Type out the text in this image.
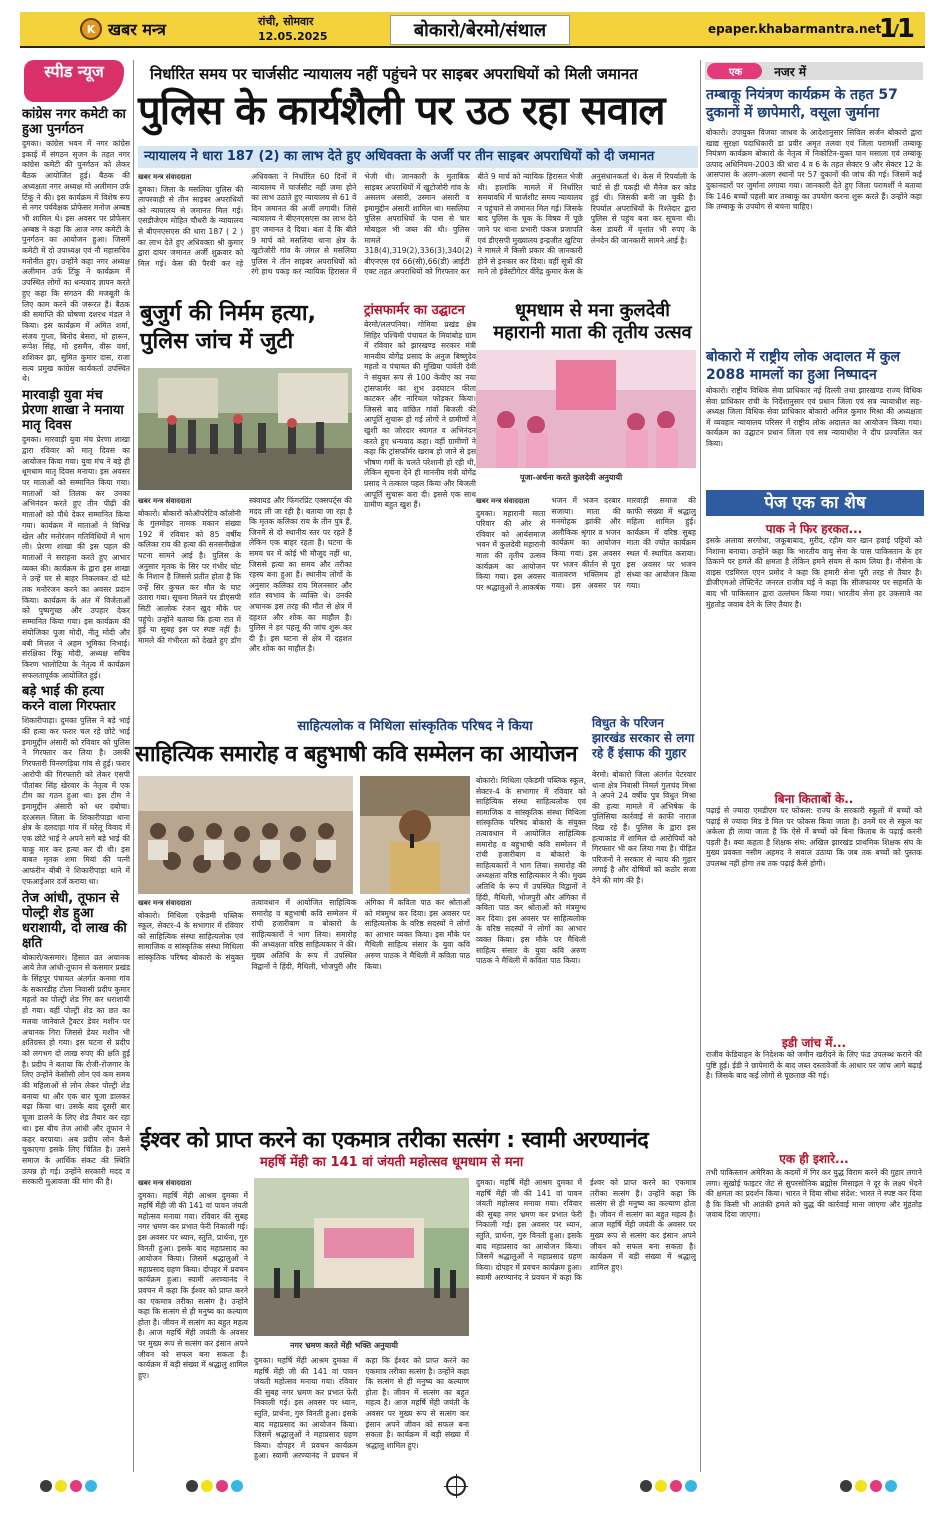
K खबर मन्त्र	रांची, सोमवार
12.05.2025	बोकारो/बेरमो/संथाल	epaper.khabarmantra.net
11
स्पीड न्यूज
कांग्रेस नगर कमेटी का हुआ पुनर्गठन

दुमका। कांग्रेस भवन में नगर कांग्रेस इकाई में संगठन सृजन के तहत नगर कांग्रेस कमेटी की पुनर्गठन को लेकर बैठक आयोजित हुई। बैठक की अध्यक्षता नगर अध्यक्ष मो अलीमान उर्फ टिंकू ने की। इस कार्यक्रम में विशेष रूप से नगर पर्यवेक्षक प्रोफेसर मनोज अम्बष्ठ भी शामिल थे। इस अवसर पर प्रोफेसर अम्बष्ठ ने कहा कि आज नगर कमेटी के पुनर्गठन का आयोजन हुआ। जिसमें कमेटी में दो उपाध्यक्ष एवं नौ महासचिव मनोनीत हुए। उन्होंने कहा नगर अध्यक्ष अलीमान उर्फ टिंकू ने कार्यक्रम में उपस्थित लोगों का धन्यवाद ज्ञापन करते हुए कहा कि संगठन की मजबूती के लिए काम करने की जरूरत है। बैठक की समाप्ति की घोषणा दशरथ मंडल ने किया। इस कार्यक्रम में अमित शर्मा, संजय गुप्ता, बिनोद बेसरा, मो हारून, रूपेश सिंह, मो हसमैन, वीरू वर्मा, शशिकर झा, सुमित कुमार दास, राजा सत्य प्रमुख कांग्रेस कार्यकर्ता उपस्थित थे।

मारवाड़ी युवा मंच प्रेरणा शाखा ने मनाया मातृ दिवस

दुमका। मारवाड़ी युवा मंच प्रेरणा शाखा द्वारा रविवार को मातृ दिवस का आयोजन किया गया। युवा मंच ने बड़े ही धूमधाम मातृ दिवस मनाया। इस अवसर पर माताओं को सम्मानित किया गया। माताओं को तिलक कर उनका अभिनंदन करते हुए तीन पीढ़ी की माताओं को पौधे देकर सम्मानित किया गया। कार्यक्रम में माताओं ने विभिन्न खेल और मनोरंजन गतिविधियों में भाग ली। प्रेरणा शाखा की इस पहल की माताओं ने सराहना करते हुए आभार व्यक्त की। कार्यक्रम के द्वारा इस शाखा ने उन्हें घर से बाहर निकलकर दो घंटे तक मनोरंजन करने का अवसर प्रदान किया। कार्यक्रम के अंत में विजेताओं को पुष्पगुच्छ और उपहार देकर सम्मानित किया गया। इस कार्यक्रम की संयोजिका पूजा मोदी, नीतू मोदी और बबी मित्तल ने अहम भूमिका निभाई। संरक्षिका रिंकू मोदी, अध्यक्ष सचिव किरण भालोटिया के नेतृत्व में कार्यक्रम सफलतापूर्वक आयोजित हुई।

बड़े भाई की हत्या करने वाला गिरफ्तार

शिकारीपाड़ा। दुमका पुलिस ने बड़े भाई की हत्या कर फरार चल रहे छोटे भाई इमामुद्दीन अंसारी को रविवार को पुलिस ने गिरफ्तार कर लिया है। उसकी गिरफ्तारी पिनरगड़िया गांव से हुई। फरार आरोपी की गिरफ्तारी को लेकर एसपी पीतांबर सिंह खेरवार के नेतृत्व में एक टीम का गठन हुआ था। इस टीम ने इमामुद्दीन अंसारी को धर दबोचा। दरअसल जिला के शिकारीपाड़ा थाना क्षेत्र के दलदाहा गांव में घरेलू विवाद में एक छोटे भाई ने अपने सगे बड़े भाई की चाकू मार कर हत्या कर दी थी। इस बाबत मृतक शमा मियां की पत्नी आफरीन बीबी ने शिकारीपाड़ा थाने में एफआईआर दर्ज कराया था।

तेज आंधी, तूफान से पोल्ट्री शेड हुआ धराशायी, दो लाख की क्षति

बोकारो/कसमार। हिसात व्रत अचानक आये तेज आंधी-तूफान से कसमार प्रखंड के सिंहपुर पंचायत अंतर्गत कनमा गांव के सकारडीह टोला निवासी प्रदीप कुमार महतो का पोल्ट्री शेड गिर कर धराशायी हो गया। वहीं पोल्ट्री शेड का छत का मलवा जानेवाले ट्रैक्टर डेयर मशीन पर अचानक गिरा जिससे डेयर मशीन भी क्षतिग्रस्त हो गया। इस घटना से प्रदीप को लगभग दो लाख रुपए की क्षति हुई है। प्रदीप ने बताया कि रोजी-रोजगार के लिए उन्होंने केसीसी लोन एवं कम समय की महिलाओं से लोन लेकर पोल्ट्री शेड बनाया था और एक बार चूजा डालकर बढ़ा किया था। उसके बाद दूसरी बार चूजा डालने के लिए शेड तैयार कर रहा था। इस बीच तेज आंधी और तूफान ने कहर बरपाया। अब प्रदीप लोन कैसे चुकाएगा इसके लिए चिंतित है। उसने समाज के आर्थिक संकट की स्थिति उत्पन्न हो गई। उन्होंने सरकारी मदद व सरकारी मुआवजा की मांग की है।

निर्धारित समय पर चार्जसीट न्यायालय नहीं पहुंचने पर साइबर अपराधियों को मिली जमानत
पुलिस के कार्यशैली पर उठ रहा सवाल
न्यायालय ने धारा 187 (2) का लाभ देते हुए अधिवक्ता के अर्जी पर तीन साइबर अपराधियों को दी जमानत
खबर मन्त्र संवाददाता
दुमका। जिला के मसलिया पुलिस की लापरवाही से तीन साइबर अपराधियों को न्यायालय से जमानत मिल गई। एसडीजेएम मोहित चौधरी के न्यायालय से बीएनएसएस की धारा 187 ( 2 ) का लाभ देते हुए अधिवक्ता श्री कुमार द्वारा दायर जमानत अर्जी शुक्रवार को मिल गई। केस की पैरवी कर रहे अधिवक्ता ने निर्धारित 60 दिनों में न्यायालय में चार्जसीट नहीं जमा होने का लाभ उठाते हुए न्यायालय से 61 वें दिन जमानत की अर्जी लगायी। जिसे न्यायालय ने बीएनएसएस का लाभ देते हुए जमानत दे दिया। बता दें कि बीते 9 मार्च को मसलिया थाना क्षेत्र के खुटोजोरी गांव के जंगल से मसलिया पुलिस ने तीन साइबर अपराधियों को रंगे हाथ पकड़ कर न्यायिक हिरासत में भेजी थी। जानकारी के मुताबिक साइबर अपराधियों में खुटोजोरी गांव के असलम अंसारी, उस्मान अंसारी व इमामुद्दीन अंसारी शामिल था। मसलिया पुलिस अपराधियों के पास से चार मोबाइल भी जब्त की थी। पुलिस मामले में 318(4),319(2),336(3),340(2) बीएनएस एवं 66(सी),66(डी) आईटी एक्ट तहत अपराधियों को गिरफ्तार कर बीते 9 मार्च को न्यायिक हिरासत भेजी थी। हालांकि मामले में निर्धारित समयावधि में चार्जशीट समय न्यायालय न पहुंचाने से जमानत मिल गई। जिसके बाद पुलिस के चूक के विषय में पूछे जाने पर थाना प्रभारी पंकज प्रजापति एवं डीएसपी मुख्यालय इन्द्रजीत खुटिया ने मामले में किसी प्रकार की जानकारी होने से इनकार कर दिया। वहीं सूत्रों की माने तो इंवेस्टीगेटर वीरेंद्र कुमार केस के अनुसंधानकर्ता थे। केस में रिपर्याली के चार्ट से ही पकड़ी थी मैनेज कर कोड हुई थी। जिसकी बनी जा चुकी है। रिपर्याल अपराधियों के रिश्तेदार द्वारा पुलिस से पहुंच बना कर सूचना थी। केस डायरी में वृत्तांत भी रुपए के लेनदेन की जानकारी सामने आई है।
बुजुर्ग की निर्मम हत्या, पुलिस जांच में जुटी
खबर मन्त्र संवाददाता
बोकारो। बोकारो कोऑपरेटिव कॉलोनी के गुलमोहर नामक मकान संख्या 192 में रविवार को 85 वर्षीय कलिका राय की हत्या की सनसनीखेज घटना सामने आई है। पुलिस के अनुसार मृतक के सिर पर गंभीर चोट के निशान है जिससे प्रतीत होता है कि उन्हें सिर कुचल कर मौत के घाट उतारा गया। सूचना मिलने पर डीएसपी सिटी आलोक रंजन खुद मौके पर पहुंचे। उन्होंने बताया कि हत्या रात में हुई या सुबह इस पर स्पष्ट नहीं है। मामले की गंभीरता को देखते हुए डॉग स्क्वायड और फिंगरप्रिंट एक्सपर्ट्स की मदद ली जा रही है। बताया जा रहा है कि मृतक कलिका राय के तीन पुत्र हैं, जिनमें से दो स्थानीय स्तर पर रहते हैं लेकिन एक बाहर रहता है। घटना के समय घर में कोई भी मौजूद नहीं था, जिससे हत्या का समय और तरीका रहस्य बना हुआ है। स्थानीय लोगों के अनुसार कलिका राय मिलनसार और शांत स्वभाव के व्यक्ति थे। उनकी अचानक इस तरह की मौत से क्षेत्र में दहशत और शोक का माहौल है। पुलिस ने हर पहलू की जांच शुरू कर दी है। इस घटना से क्षेत्र में दहशत और शोक का माहौल है।
ट्रांसफार्मर का उद्घाटन
बेरमो/ललपनिया। गोमिया प्रखंड क्षेत्र सिहिर पश्चिमी पंचायत के मियांबोड़ ग्राम में रविवार को झारखण्ड सरकार मंत्री मानवीय योगेंद्र प्रसाद के अनुज बिष्णुदेव महतो व पंचायत की मुखिया पार्वती देवी ने संयुक्त रूप से 100 केवीए का नया ट्रांसफार्मर का शुभ उदघाटन फीता काटकर और नारियल फोड़कर किया। जिससे बाद वांछित गांवों बिजली की आपूर्ति सुचारू हो गई लोगों ने ग्रामीणों ने खुशी का जोरदार स्वागत व अभिनंदन करते हुए धन्यवाद कहा। वहीं ग्रामीणों ने कहा कि ट्रांसफॉर्मर खराब हो जाने से इस भीषण गर्मी के चलते परेशानी हो रही थी, लेकिन सूचना देने ही माननीय मंत्री योगेंद्र प्रसाद ने तत्काल पहल किया और बिजली आपूर्ति सुचारू करा दी। इससे एक साथ ग्रामीण बहुत खुश हैं।
धूमधाम से मना कुलदेवी महारानी माता की तृतीय उत्सव
पूजा-अर्चना करते कुलदेवी अनुयायी
खबर मन्त्र संवाददाता
दुमका। महारानी माता परिवार की ओर से रविवार को आर्यसमाज भवन में कुलदेवी महारानी माता की तृतीय उत्सव कार्यक्रम का आयोजन किया गया। इस अवसर पर श्रद्धालुओं ने आकर्षक भजन में भजन दरबार सजाया। माता की मनमोहक झांकी और अलौकिक श्रृंगार व भजन कार्यक्रम का आयोजन किया गया। इस अवसर पर भजन कीर्तन से पूरा वातावरण भक्तिमय हो गया। इस अवसर पर मारवाड़ी समाज की काफी संख्या में श्रद्धालु महिला शामिल हुई। कार्यक्रम में वरिष्ठ सुबह माता की ज्योत कार्यक्रम स्थल में स्थापित कराया। इस अवसर पर भजन संध्या का आयोजन किया गया।
एक	नजर में
तम्बाकू नियंत्रण कार्यक्रम के तहत 57 दुकानों में छापेमारी, वसूला जुर्माना
बोकारो। उपायुक्त विजया जाधव के आदेशानुसार सिविल सर्जन बोकारो द्वारा खाद्य सुरक्षा पदाधिकारी डा प्रवीर अमृत तलवा एवं जिला परामर्शी तम्बाकू नियंत्रण कार्यक्रम बोकारो के नेतृत्व में निकोटिन-युक्त पान मसाला एवं तम्बाकू उत्पाद अधिनियम-2003 की धारा 4 व 6 के तहत सेक्टर 9 और सेक्टर 12 के आसपास के अलग-अलग स्थानों पर 57 दुकानों की जांच की गई। जिसमें कई दुकानदारों पर जुर्माना लगाया गया। जानकारी देते हुए जिला परामर्शी ने बताया कि 146 बच्चों पहली बार तम्बाकू का उपयोग करना शुरू करते हैं। उन्होंने कहा कि तम्बाकू के उपयोग से बचना चाहिए।
बोकारो में राष्ट्रीय लोक अदालत में कुल 2088 मामलों का हुआ निष्पादन
बोकारो। राष्ट्रीय विधिक सेवा प्राधिकार नई दिल्ली तथा झारखण्ड राज्य विधिक सेवा प्राधिकार रांची के निर्देशानुसार एवं प्रधान जिला एवं सत्र न्यायाधीश सह-अध्यक्ष जिला विधिक सेवा प्राधिकार बोकारो अनिल कुमार मिश्रा की अध्यक्षता में व्यवहार न्यायालय परिसर में राष्ट्रीय लोक अदालत का आयोजन किया गया। कार्यक्रम का उद्घाटन प्रधान जिला एवं सत्र न्यायाधीश ने दीप प्रज्वलित कर किया।
पेज एक का शेष
पाक ने फिर हरकत...
इसके अलावा सरगोधा, जकूबाबाद, मुरीद, रहीम यार खान हवाई पट्टियों को निशाना बनाया। उन्होंने कहा कि भारतीय वायु सेना के पास पाकिस्तान के हर ठिकाने पर हमले की क्षमता है लेकिन हमने संयम से काम लिया है। नौसेना के वाइस एडमिरल एएन प्रमोद ने कहा कि हमारी सेना पूरी तरह से तैयार है। डीजीएमओ लेफ्टिनेंट जनरल राजीव घई ने कहा कि सीजफायर पर सहमति के बाद भी पाकिस्तान द्वारा उल्लंघन किया गया। भारतीय सेना हर उकसावे का मुंहतोड़ जवाब देने के लिए तैयार है।
बिना किताबों के..
पढ़ाई से ज्यादा एमडीएम पर फोकस: राज्य के सरकारी स्कूलों में बच्चों को पढ़ाई से ज्यादा मिड डे मिल पर फोकस किया जाता है। उनमें घर से स्कूल का अकेला ही लाया जाता है कि ऐसे में बच्चों को बिना किताब के पढ़ाई करनी पड़ती है। क्या कहता है शिक्षक संघ: अखिल झारखंड प्राथमिक शिक्षक संघ के मुख्य प्रवक्ता नसीम अहमद ने सवाल उठाया कि जब तक बच्चों को पुस्तक उपलब्ध नहीं होगा तब तक पढ़ाई कैसे होगी।
इडी जांच में...
राजीव केडियाहन के निदेशक को जमीन खरीदने के लिए फंड उपलब्ध कराने की पुष्टि हुई। ईडी ने छापेमारी के बाद जब्त दस्तावेजों के आधार पर जांच आगे बढ़ाई है। जिसके बाद कई लोगों से पूछताछ की गई।
एक ही इशारे...
तभी पाकिस्तान अमेरिका के कदमों में गिर कर युद्ध विराम करने की गुहार लगाने लगा। सूखोई फाइटर जेट से सुपरसोनिक ब्रह्मोस मिसाइल ने दूर के लक्ष्य भेदने की क्षमता का प्रदर्शन किया। भारत ने दिया सीधा संदेश: भारत ने स्पष्ट कर दिया है कि किसी भी आतंकी हमले को युद्ध की कार्रवाई माना जाएगा और मुंहतोड़ जवाब दिया जाएगा।
साहित्यलोक व मिथिला सांस्कृतिक परिषद ने किया
साहित्यिक समारोह व बहुभाषी कवि सम्मेलन का आयोजन
खबर मन्त्र संवाददाता
बोकारो। मिथिला एकेडमी पब्लिक स्कूल, सेक्टर-4 के सभागार में रविवार को साहित्यिक संस्था साहित्यलोक एवं सामाजिक व सांस्कृतिक संस्था मिथिला सांस्कृतिक परिषद बोकारो के संयुक्त तत्वावधान में आयोजित साहित्यिक समारोह व बहुभाषी कवि सम्मेलन में रांची हजारीबाग व बोकारो के साहित्यकारों ने भाग लिया। समारोह की अध्यक्षता वरिष्ठ साहित्यकार ने की। मुख्य अतिथि के रूप में उपस्थित विद्वानों ने हिंदी, मैथिली, भोजपुरी और अंगिका में कविता पाठ कर श्रोताओं को मंत्रमुग्ध कर दिया। इस अवसर पर साहित्यलोक के वरिष्ठ सदस्यों ने लोगों का आभार व्यक्त किया। इस मौके पर मैथिली साहित्य संसार के युवा कवि अरुण पाठक ने मैथिली में कविता पाठ किया।
बोकारो। मिथिला एकेडमी पब्लिक स्कूल, सेक्टर-4 के सभागार में रविवार को साहित्यिक संस्था साहित्यलोक एवं सामाजिक व सांस्कृतिक संस्था मिथिला सांस्कृतिक परिषद बोकारो के संयुक्त तत्वावधान में आयोजित साहित्यिक समारोह व बहुभाषी कवि सम्मेलन में रांची हजारीबाग व बोकारो के साहित्यकारों ने भाग लिया। समारोह की अध्यक्षता वरिष्ठ साहित्यकार ने की। मुख्य अतिथि के रूप में उपस्थित विद्वानों ने हिंदी, मैथिली, भोजपुरी और अंगिका में कविता पाठ कर श्रोताओं को मंत्रमुग्ध कर दिया। इस अवसर पर साहित्यलोक के वरिष्ठ सदस्यों ने लोगों का आभार व्यक्त किया। इस मौके पर मैथिली साहित्य संसार के युवा कवि अरुण पाठक ने मैथिली में कविता पाठ किया।
विधुत के परिजन झारखंड सरकार से लगा रहे हैं इंसाफ की गुहार
बेरमो। बोकारो जिला अंतर्गत पेटरवार थाना क्षेत्र निवासी निमर्ल गुलचंद मिश्रा ने अपने 24 वर्षीय पुत्र विधुत मिश्रा की हत्या मामले में अभिषेक के पुलिसिया कार्रवाई से काफी नाराज दिख रहे हैं। पुलिस के द्वारा इस हत्याकांड में शामिल दो आरोपियों को गिरफ्तार भी कर लिया गया है। पीड़ित परिजनों ने सरकार से न्याय की गुहार लगाई है और दोषियों को कठोर सजा देने की मांग की है।
ईश्वर को प्राप्त करने का एकमात्र तरीका सत्संग : स्वामी अरण्यानंद
महर्षि मेंही का 141 वां जंयती महोत्सव धूमधाम से मना
खबर मन्त्र संवाददाता
दुमका। महर्षि मेंही आश्रम दुमका में महर्षि मेंही जी की 141 वां पावन जंयती महोत्सव मनाया गया। रविवार की सुबह नगर भ्रमण कर प्रभात फेरी निकाली गई। इस अवसर पर ध्यान, स्तुति, प्रार्थना, गुरु विनती हुआ। इसके बाद महाप्रसाद का आयोजन किया। जिसमें श्रद्धालुओं ने महाप्रसाद ग्रहण किया। दोपहर में प्रवचन कार्यक्रम हुआ। स्वामी अरण्यानंद ने प्रवचन में कहा कि ईश्वर को प्राप्त करने का एकमात्र तरीका सत्संग है। उन्होंने कहा कि सत्संग से ही मनुष्य का कल्याण होता है। जीवन में सत्संग का बहुत महत्व है। आज महर्षि मेंही जयंती के अवसर पर मुख्य रूप से सत्संग कर इंसान अपने जीवन को सफल बना सकता है। कार्यक्रम में बड़ी संख्या में श्रद्धालु शामिल हुए।
नगर भ्रमण करते मेंही भक्ति अनुयायी
दुमका। महर्षि मेंही आश्रम दुमका में महर्षि मेंही जी की 141 वां पावन जंयती महोत्सव मनाया गया। रविवार की सुबह नगर भ्रमण कर प्रभात फेरी निकाली गई। इस अवसर पर ध्यान, स्तुति, प्रार्थना, गुरु विनती हुआ। इसके बाद महाप्रसाद का आयोजन किया। जिसमें श्रद्धालुओं ने महाप्रसाद ग्रहण किया। दोपहर में प्रवचन कार्यक्रम हुआ। स्वामी अरण्यानंद ने प्रवचन में कहा कि ईश्वर को प्राप्त करने का एकमात्र तरीका सत्संग है। उन्होंने कहा कि सत्संग से ही मनुष्य का कल्याण होता है। जीवन में सत्संग का बहुत महत्व है। आज महर्षि मेंही जयंती के अवसर पर मुख्य रूप से सत्संग कर इंसान अपने जीवन को सफल बना सकता है। कार्यक्रम में बड़ी संख्या में श्रद्धालु शामिल हुए।
दुमका। महर्षि मेंही आश्रम दुमका में महर्षि मेंही जी की 141 वां पावन जंयती महोत्सव मनाया गया। रविवार की सुबह नगर भ्रमण कर प्रभात फेरी निकाली गई। इस अवसर पर ध्यान, स्तुति, प्रार्थना, गुरु विनती हुआ। इसके बाद महाप्रसाद का आयोजन किया। जिसमें श्रद्धालुओं ने महाप्रसाद ग्रहण किया। दोपहर में प्रवचन कार्यक्रम हुआ। स्वामी अरण्यानंद ने प्रवचन में कहा कि ईश्वर को प्राप्त करने का एकमात्र तरीका सत्संग है। उन्होंने कहा कि सत्संग से ही मनुष्य का कल्याण होता है। जीवन में सत्संग का बहुत महत्व है। आज महर्षि मेंही जयंती के अवसर पर मुख्य रूप से सत्संग कर इंसान अपने जीवन को सफल बना सकता है। कार्यक्रम में बड़ी संख्या में श्रद्धालु शामिल हुए।
